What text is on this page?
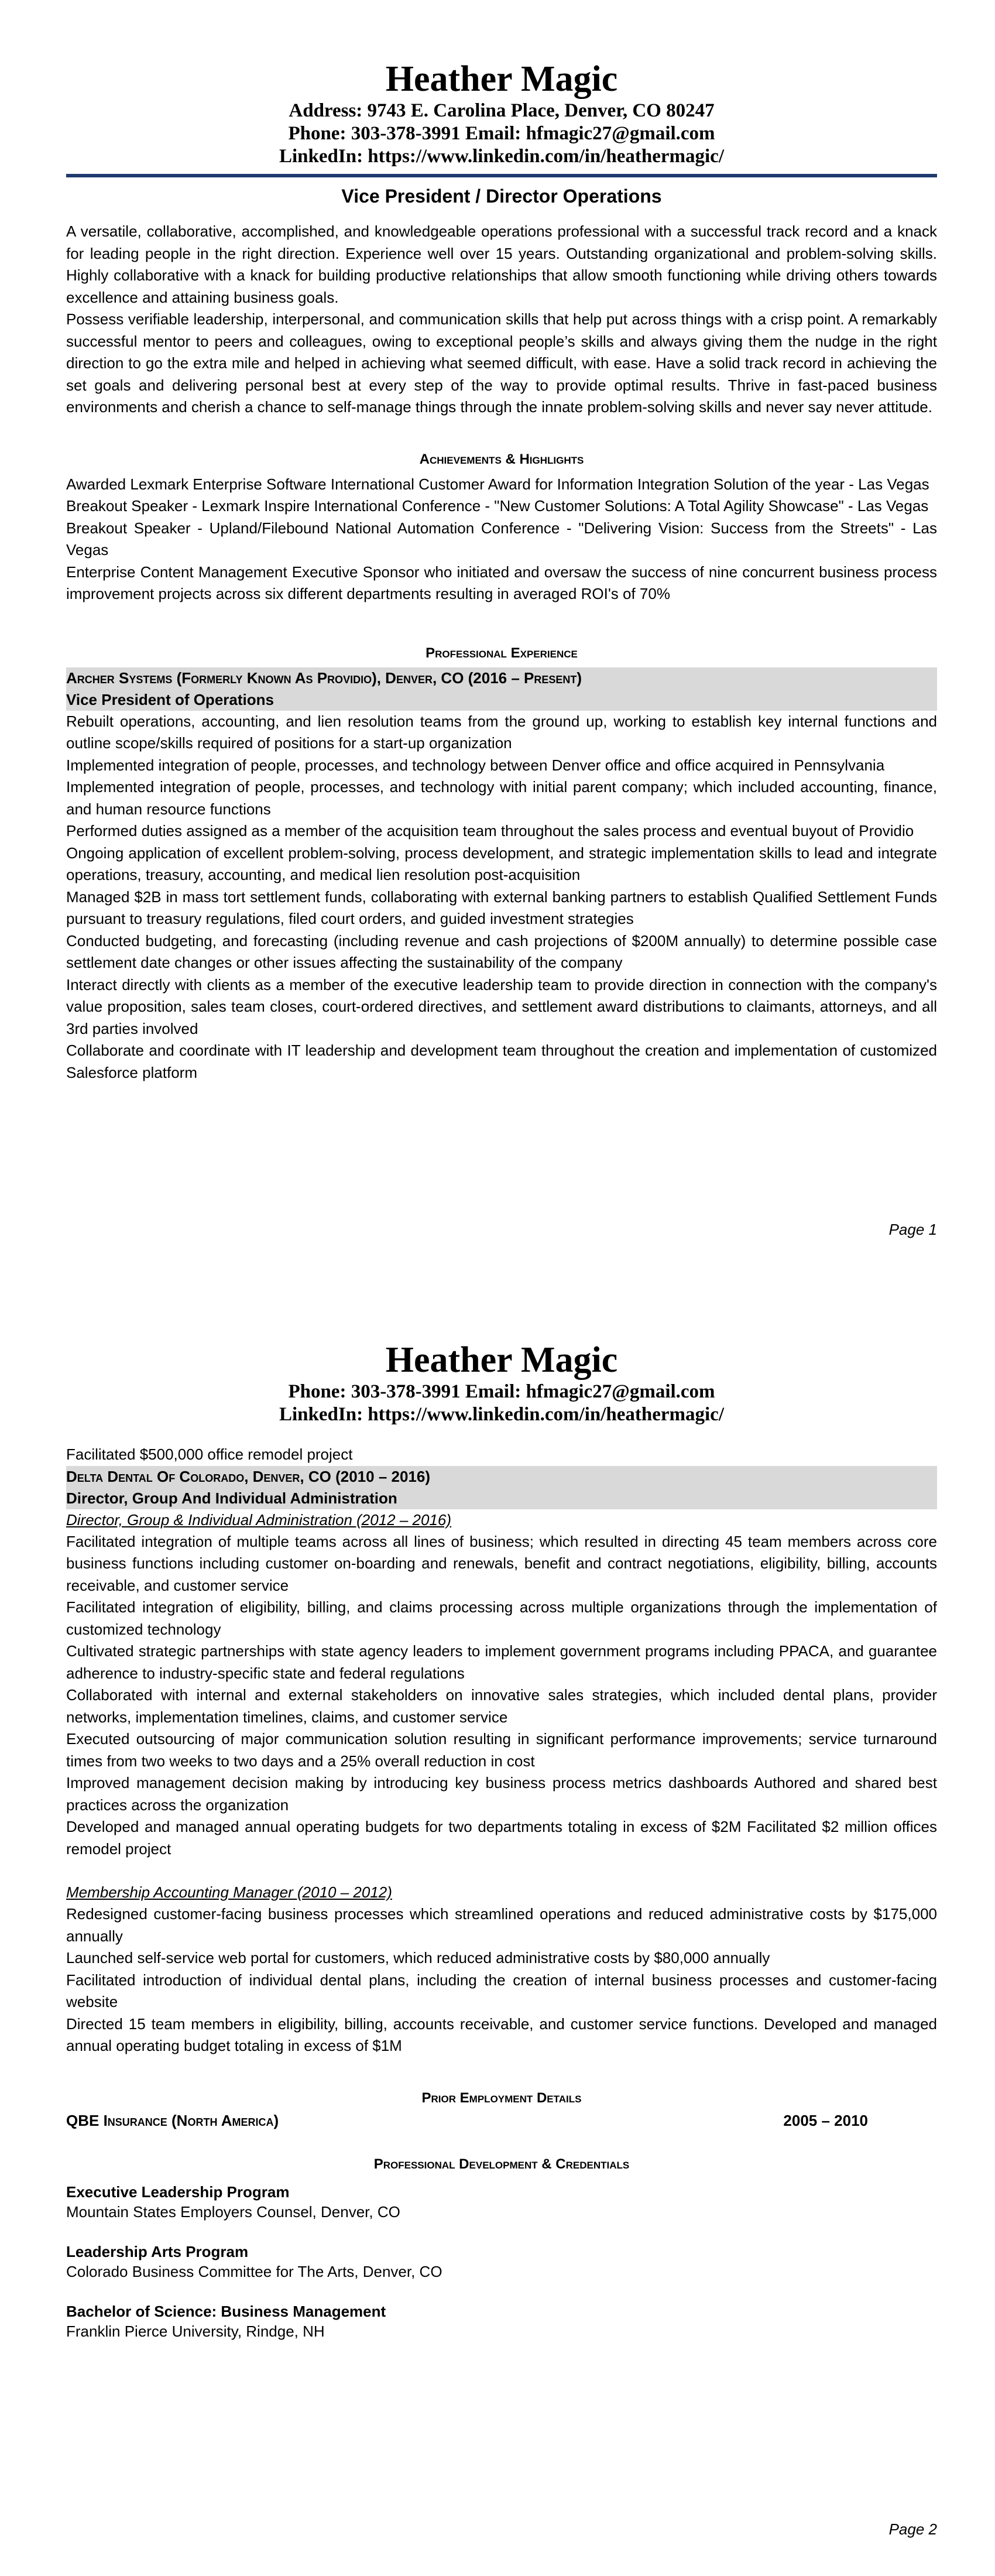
Heather Magic
Address: 9743 E. Carolina Place, Denver, CO 80247
Phone: 303-378-3991 Email: hfmagic27@gmail.com
LinkedIn: https://www.linkedin.com/in/heathermagic/
Vice President / Director Operations

A versatile, collaborative, accomplished, and knowledgeable operations professional with a successful track record and a knack for leading people in the right direction. Experience well over 15 years. Outstanding organizational and problem-solving skills. Highly collaborative with a knack for building productive relationships that allow smooth functioning while driving others towards excellence and attaining business goals.

Possess verifiable leadership, interpersonal, and communication skills that help put across things with a crisp point. A remarkably successful mentor to peers and colleagues, owing to exceptional people’s skills and always giving them the nudge in the right direction to go the extra mile and helped in achieving what seemed difficult, with ease. Have a solid track record in achieving the set goals and delivering personal best at every step of the way to provide optimal results. Thrive in fast-paced business environments and cherish a chance to self-manage things through the innate problem-solving skills and never say never attitude.

Achievements & Highlights

Awarded Lexmark Enterprise Software International Customer Award for Information Integration Solution of the year - Las Vegas

Breakout Speaker - Lexmark Inspire International Conference - "New Customer Solutions: A Total Agility Showcase" - Las Vegas

Breakout Speaker - Upland/Filebound National Automation Conference - "Delivering Vision: Success from the Streets" - Las Vegas

Enterprise Content Management Executive Sponsor who initiated and oversaw the success of nine concurrent business process improvement projects across six different departments resulting in averaged ROI's of 70%

Professional Experience
Archer Systems (Formerly Known As Providio), Denver, CO (2016 – Present)
Vice President of Operations

Rebuilt operations, accounting, and lien resolution teams from the ground up, working to establish key internal functions and outline scope/skills required of positions for a start-up organization

Implemented integration of people, processes, and technology between Denver office and office acquired in Pennsylvania

Implemented integration of people, processes, and technology with initial parent company; which included accounting, finance, and human resource functions

Performed duties assigned as a member of the acquisition team throughout the sales process and eventual buyout of Providio

Ongoing application of excellent problem-solving, process development, and strategic implementation skills to lead and integrate operations, treasury, accounting, and medical lien resolution post-acquisition

Managed $2B in mass tort settlement funds, collaborating with external banking partners to establish Qualified Settlement Funds pursuant to treasury regulations, filed court orders, and guided investment strategies

Conducted budgeting, and forecasting (including revenue and cash projections of $200M annually) to determine possible case settlement date changes or other issues affecting the sustainability of the company

Interact directly with clients as a member of the executive leadership team to provide direction in connection with the company's value proposition, sales team closes, court-ordered directives, and settlement award distributions to claimants, attorneys, and all 3rd parties involved

Collaborate and coordinate with IT leadership and development team throughout the creation and implementation of customized Salesforce platform

Page 1
Heather Magic
Phone: 303-378-3991 Email: hfmagic27@gmail.com
LinkedIn: https://www.linkedin.com/in/heathermagic/

Facilitated $500,000 office remodel project

Delta Dental Of Colorado, Denver, CO (2010 – 2016)
Director, Group And Individual Administration
Director, Group & Individual Administration (2012 – 2016)

Facilitated integration of multiple teams across all lines of business; which resulted in directing 45 team members across core business functions including customer on-boarding and renewals, benefit and contract negotiations, eligibility, billing, accounts receivable, and customer service

Facilitated integration of eligibility, billing, and claims processing across multiple organizations through the implementation of customized technology

Cultivated strategic partnerships with state agency leaders to implement government programs including PPACA, and guarantee adherence to industry-specific state and federal regulations

Collaborated with internal and external stakeholders on innovative sales strategies, which included dental plans, provider networks, implementation timelines, claims, and customer service

Executed outsourcing of major communication solution resulting in significant performance improvements; service turnaround times from two weeks to two days and a 25% overall reduction in cost

Improved management decision making by introducing key business process metrics dashboards Authored and shared best practices across the organization

Developed and managed annual operating budgets for two departments totaling in excess of $2M Facilitated $2 million offices remodel project

Membership Accounting Manager (2010 – 2012)

Redesigned customer-facing business processes which streamlined operations and reduced administrative costs by $175,000 annually

Launched self-service web portal for customers, which reduced administrative costs by $80,000 annually

Facilitated introduction of individual dental plans, including the creation of internal business processes and customer-facing website

Directed 15 team members in eligibility, billing, accounts receivable, and customer service functions. Developed and managed annual operating budget totaling in excess of $1M

Prior Employment Details
QBE Insurance (North America)	2005 – 2010
Professional Development & Credentials
Executive Leadership Program
Mountain States Employers Counsel, Denver, CO
Leadership Arts Program
Colorado Business Committee for The Arts, Denver, CO
Bachelor of Science: Business Management
Franklin Pierce University, Rindge, NH
Page 2
